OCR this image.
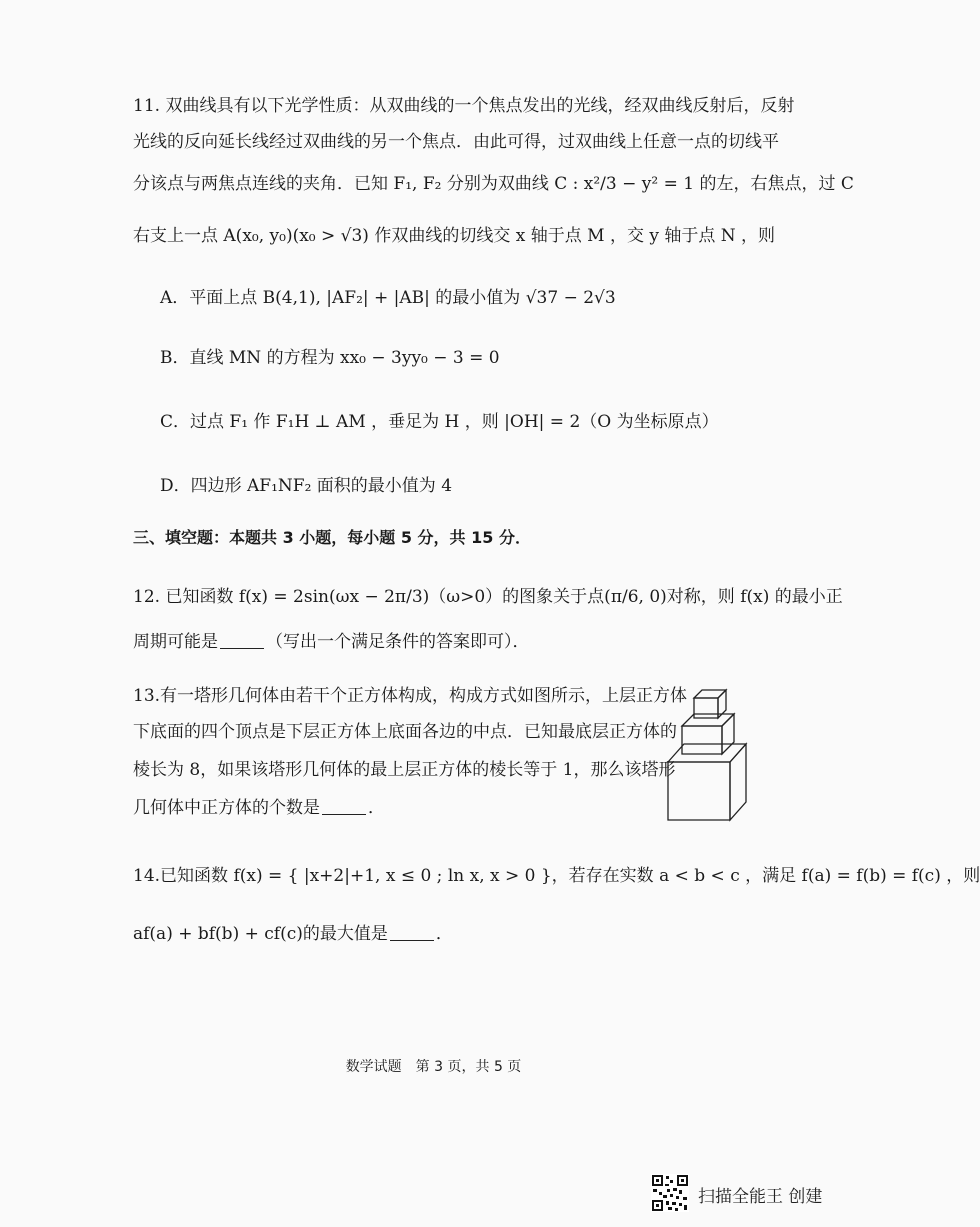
11. 双曲线具有以下光学性质：从双曲线的一个焦点发出的光线，经双曲线反射后，反射
光线的反向延长线经过双曲线的另一个焦点．由此可得，过双曲线上任意一点的切线平
分该点与两焦点连线的夹角．已知 F₁, F₂ 分别为双曲线 C : x²/3 − y² = 1 的左，右焦点，过 C
右支上一点 A(x₀, y₀)(x₀ > √3) 作双曲线的切线交 x 轴于点 M ，交 y 轴于点 N ，则
A．平面上点 B(4,1), |AF₂| + |AB| 的最小值为 √37 − 2√3
B．直线 MN 的方程为 xx₀ − 3yy₀ − 3 = 0
C．过点 F₁ 作 F₁H ⊥ AM ，垂足为 H ，则 |OH| = 2（O 为坐标原点）
D．四边形 AF₁NF₂ 面积的最小值为 4
三、填空题：本题共 3 小题，每小题 5 分，共 15 分．
12. 已知函数 f(x) = 2sin(ωx − 2π/3)（ω>0）的图象关于点(π/6, 0)对称，则 f(x) 的最小正
周期可能是	（写出一个满足条件的答案即可）．
13.有一塔形几何体由若干个正方体构成，构成方式如图所示，上层正方体
下底面的四个顶点是下层正方体上底面各边的中点．已知最底层正方体的
棱长为 8，如果该塔形几何体的最上层正方体的棱长等于 1，那么该塔形
几何体中正方体的个数是	．
14.已知函数 f(x) = { |x+2|+1, x ≤ 0 ; ln x, x > 0 }，若存在实数 a < b < c ，满足 f(a) = f(b) = f(c) ，则
af(a) + bf(b) + cf(c)的最大值是	．
数学试题　第 3 页，共 5 页
扫描全能王 创建
